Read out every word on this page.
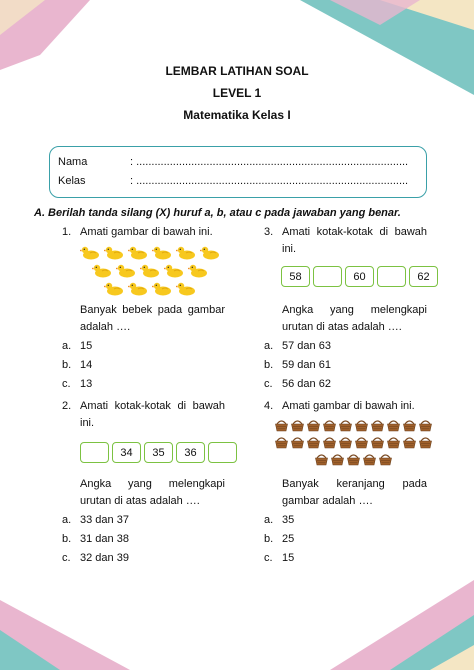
LEMBAR LATIHAN SOAL
LEVEL 1
Matematika Kelas I
Nama	: .........................................................................................
Kelas	: .........................................................................................
A. Berilah tanda silang (X) huruf a, b, atau c pada jawaban yang benar.
1. Amati gambar di bawah ini.
Banyak bebek pada gambar adalah ….
a. 15
b. 14
c. 13
3. Amati kotak-kotak di bawah ini.
58	60	62
Angka yang melengkapi urutan di atas adalah ….
a. 57 dan 63
b. 59 dan 61
c. 56 dan 62
2. Amati kotak-kotak di bawah ini.
34	35	36
Angka yang melengkapi urutan di atas adalah ….
a. 33 dan 37
b. 31 dan 38
c. 32 dan 39
4. Amati gambar di bawah ini.
Banyak keranjang pada gambar adalah ….
a. 35
b. 25
c. 15
